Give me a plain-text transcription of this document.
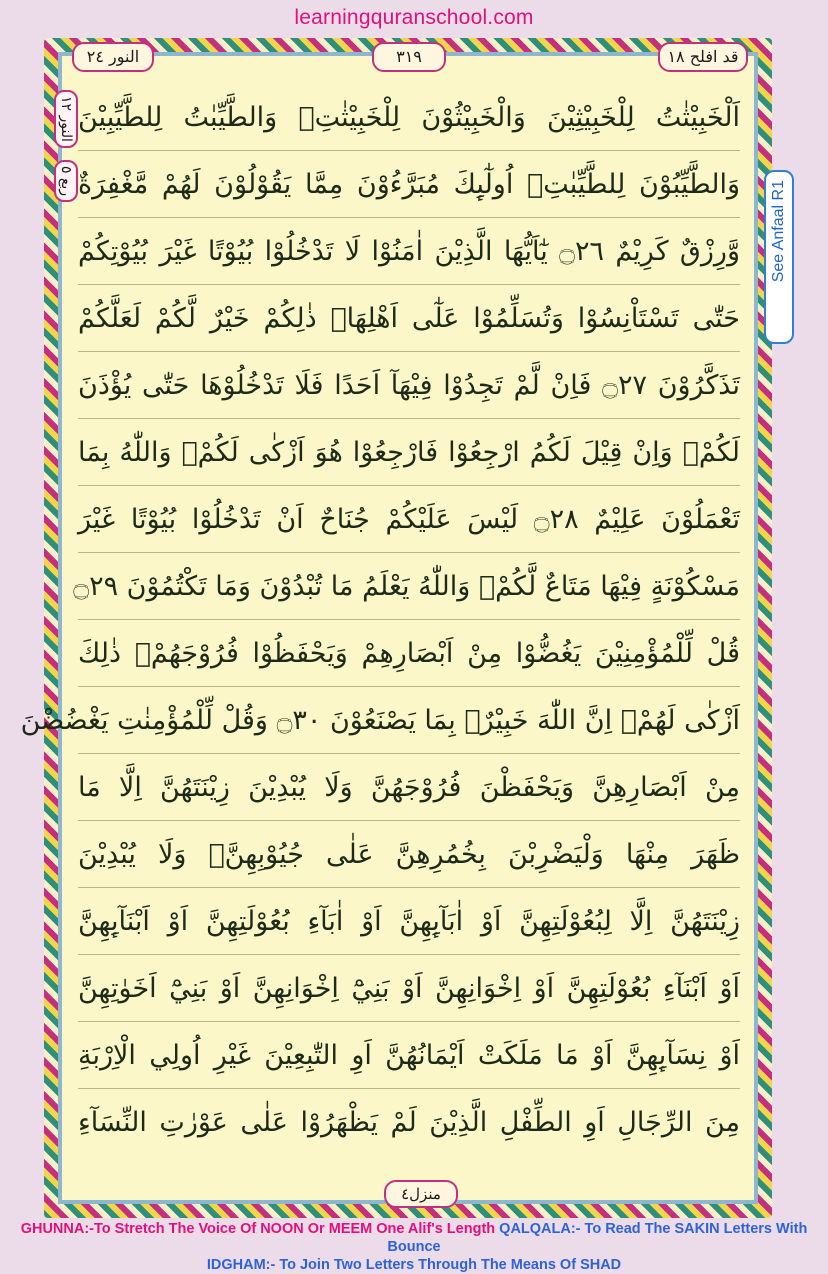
learningquranschool.com
النور ٢٤	٣١٩	قد افلح ١٨
النور ١٢
ربع ٥	See Anfaal R1
اَلْخَبِيْثٰتُ لِلْخَبِيْثِيْنَ وَالْخَبِيْثُوْنَ لِلْخَبِيْثٰتِۚ وَالطَّيِّبٰتُ لِلطَّيِّبِيْنَ
وَالطَّيِّبُوْنَ لِلطَّيِّبٰتِۚ اُولٰٓىِٕكَ مُبَرَّءُوْنَ مِمَّا يَقُوْلُوْنَ لَهُمْ مَّغْفِرَةٌ
وَّرِزْقٌ كَرِيْمٌ ۝٢٦ يٰٓاَيُّهَا الَّذِيْنَ اٰمَنُوْا لَا تَدْخُلُوْا بُيُوْتًا غَيْرَ بُيُوْتِكُمْ
حَتّٰى تَسْتَاْنِسُوْا وَتُسَلِّمُوْا عَلٰٓى اَهْلِهَاۭ ذٰلِكُمْ خَيْرٌ لَّكُمْ لَعَلَّكُمْ
تَذَكَّرُوْنَ ۝٢٧ فَاِنْ لَّمْ تَجِدُوْا فِيْهَآ اَحَدًا فَلَا تَدْخُلُوْهَا حَتّٰى يُؤْذَنَ
لَكُمْۚ وَاِنْ قِيْلَ لَكُمُ ارْجِعُوْا فَارْجِعُوْا هُوَ اَزْكٰى لَكُمْۭ وَاللّٰهُ بِمَا
تَعْمَلُوْنَ عَلِيْمٌ ۝٢٨ لَيْسَ عَلَيْكُمْ جُنَاحٌ اَنْ تَدْخُلُوْا بُيُوْتًا غَيْرَ
مَسْكُوْنَةٍ فِيْهَا مَتَاعٌ لَّكُمْۭ وَاللّٰهُ يَعْلَمُ مَا تُبْدُوْنَ وَمَا تَكْتُمُوْنَ ۝٢٩
قُلْ لِّلْمُؤْمِنِيْنَ يَغُضُّوْا مِنْ اَبْصَارِهِمْ وَيَحْفَظُوْا فُرُوْجَهُمْۭ ذٰلِكَ
اَزْكٰى لَهُمْۭ اِنَّ اللّٰهَ خَبِيْرٌۢ بِمَا يَصْنَعُوْنَ ۝٣٠ وَقُلْ لِّلْمُؤْمِنٰتِ يَغْضُضْنَ
مِنْ اَبْصَارِهِنَّ وَيَحْفَظْنَ فُرُوْجَهُنَّ وَلَا يُبْدِيْنَ زِيْنَتَهُنَّ اِلَّا مَا
ظَهَرَ مِنْهَا وَلْيَضْرِبْنَ بِخُمُرِهِنَّ عَلٰى جُيُوْبِهِنَّۖ وَلَا يُبْدِيْنَ
زِيْنَتَهُنَّ اِلَّا لِبُعُوْلَتِهِنَّ اَوْ اٰبَآىِٕهِنَّ اَوْ اٰبَآءِ بُعُوْلَتِهِنَّ اَوْ اَبْنَآىِٕهِنَّ
اَوْ اَبْنَآءِ بُعُوْلَتِهِنَّ اَوْ اِخْوَانِهِنَّ اَوْ بَنِيْٓ اِخْوَانِهِنَّ اَوْ بَنِيْٓ اَخَوٰتِهِنَّ
اَوْ نِسَآىِٕهِنَّ اَوْ مَا مَلَكَتْ اَيْمَانُهُنَّ اَوِ التّٰبِعِيْنَ غَيْرِ اُولِي الْاِرْبَةِ
مِنَ الرِّجَالِ اَوِ الطِّفْلِ الَّذِيْنَ لَمْ يَظْهَرُوْا عَلٰى عَوْرٰتِ النِّسَآءِ
منزل٤
GHUNNA:-To Stretch The Voice Of NOON Or MEEM One Alif's Length QALQALA:- To Read The SAKIN Letters With Bounce
IDGHAM:- To Join Two Letters Through The Means Of SHAD
